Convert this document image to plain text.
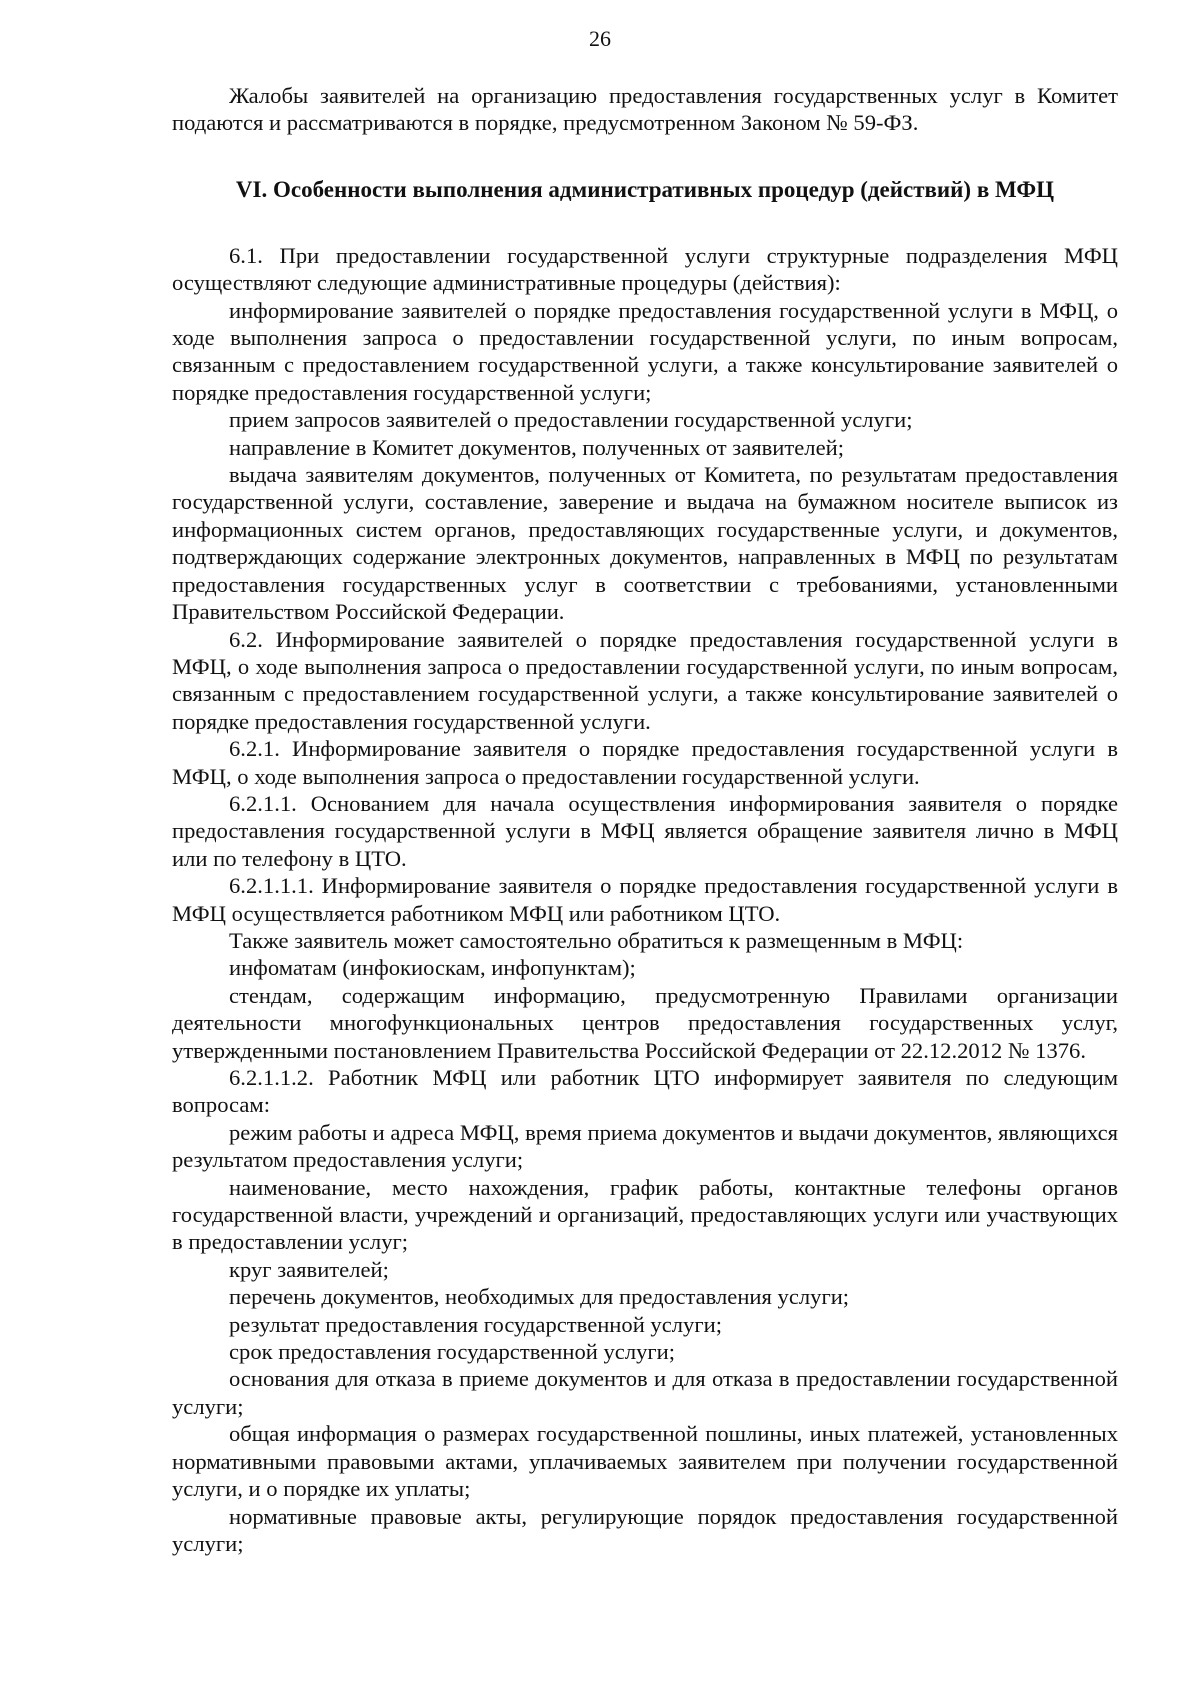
26

Жалобы заявителей на организацию предоставления государственных услуг в Комитет подаются и рассматриваются в порядке, предусмотренном Законом № 59-ФЗ.

VI. Особенности выполнения административных процедур (действий) в МФЦ

6.1. При предоставлении государственной услуги структурные подразделения МФЦ осуществляют следующие административные процедуры (действия):

информирование заявителей о порядке предоставления государственной услуги в МФЦ, о ходе выполнения запроса о предоставлении государственной услуги, по иным вопросам, связанным с предоставлением государственной услуги, а также консультирование заявителей о порядке предоставления государственной услуги;

прием запросов заявителей о предоставлении государственной услуги;

направление в Комитет документов, полученных от заявителей;

выдача заявителям документов, полученных от Комитета, по результатам предоставления государственной услуги, составление, заверение и выдача на бумажном носителе выписок из информационных систем органов, предоставляющих государственные услуги, и документов, подтверждающих содержание электронных документов, направленных в МФЦ по результатам предоставления государственных услуг в соответствии с требованиями, установленными Правительством Российской Федерации.

6.2. Информирование заявителей о порядке предоставления государственной услуги в МФЦ, о ходе выполнения запроса о предоставлении государственной услуги, по иным вопросам, связанным с предоставлением государственной услуги, а также консультирование заявителей о порядке предоставления государственной услуги.

6.2.1. Информирование заявителя о порядке предоставления государственной услуги в МФЦ, о ходе выполнения запроса о предоставлении государственной услуги.

6.2.1.1. Основанием для начала осуществления информирования заявителя о порядке предоставления государственной услуги в МФЦ является обращение заявителя лично в МФЦ или по телефону в ЦТО.

6.2.1.1.1. Информирование заявителя о порядке предоставления государственной услуги в МФЦ осуществляется работником МФЦ или работником ЦТО.

Также заявитель может самостоятельно обратиться к размещенным в МФЦ:

инфоматам (инфокиоскам, инфопунктам);

стендам, содержащим информацию, предусмотренную Правилами организации деятельности многофункциональных центров предоставления государственных услуг, утвержденными постановлением Правительства Российской Федерации от 22.12.2012 № 1376.

6.2.1.1.2. Работник МФЦ или работник ЦТО информирует заявителя по следующим вопросам:

режим работы и адреса МФЦ, время приема документов и выдачи документов, являющихся результатом предоставления услуги;

наименование, место нахождения, график работы, контактные телефоны органов государственной власти, учреждений и организаций, предоставляющих услуги или участвующих в предоставлении услуг;

круг заявителей;

перечень документов, необходимых для предоставления услуги;

результат предоставления государственной услуги;

срок предоставления государственной услуги;

основания для отказа в приеме документов и для отказа в предоставлении государственной услуги;

общая информация о размерах государственной пошлины, иных платежей, установленных нормативными правовыми актами, уплачиваемых заявителем при получении государственной услуги, и о порядке их уплаты;

нормативные правовые акты, регулирующие порядок предоставления государственной услуги;
